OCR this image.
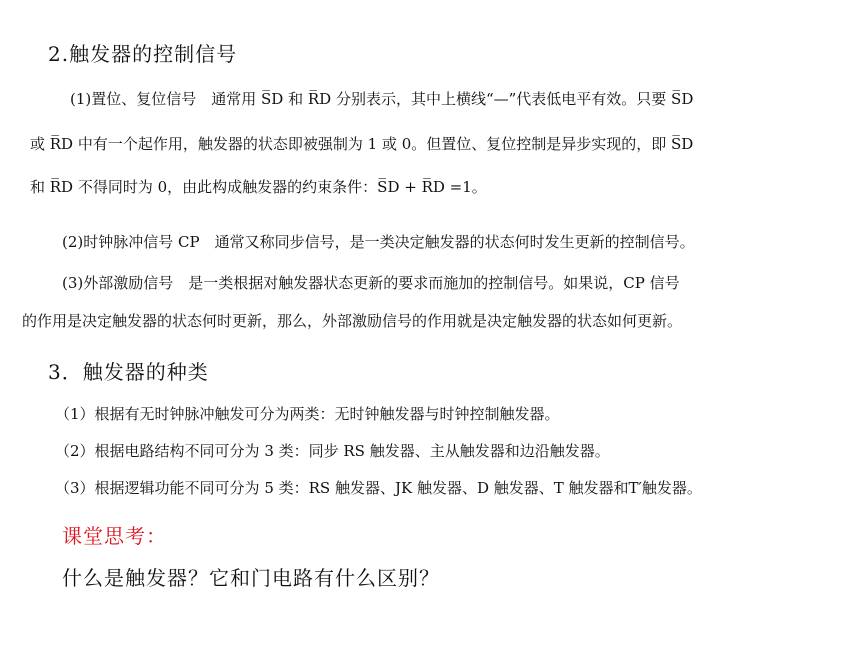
2.触发器的控制信号
(1)置位、复位信号　通常用 S̅D 和 R̅D 分别表示，其中上横线“—”代表低电平有效。只要 S̅D
或 R̅D 中有一个起作用，触发器的状态即被强制为 1 或 0。但置位、复位控制是异步实现的，即 S̅D
和 R̅D 不得同时为 0，由此构成触发器的约束条件：S̅D + R̅D =1。
(2)时钟脉冲信号 CP　通常又称同步信号，是一类决定触发器的状态何时发生更新的控制信号。
(3)外部激励信号　是一类根据对触发器状态更新的要求而施加的控制信号。如果说，CP 信号
的作用是决定触发器的状态何时更新，那么，外部激励信号的作用就是决定触发器的状态如何更新。
3．触发器的种类
（1）根据有无时钟脉冲触发可分为两类：无时钟触发器与时钟控制触发器。
（2）根据电路结构不同可分为 3 类：同步 RS 触发器、主从触发器和边沿触发器。
（3）根据逻辑功能不同可分为 5 类：RS 触发器、JK 触发器、D 触发器、T 触发器和T′触发器。
课堂思考：
什么是触发器？它和门电路有什么区别？
